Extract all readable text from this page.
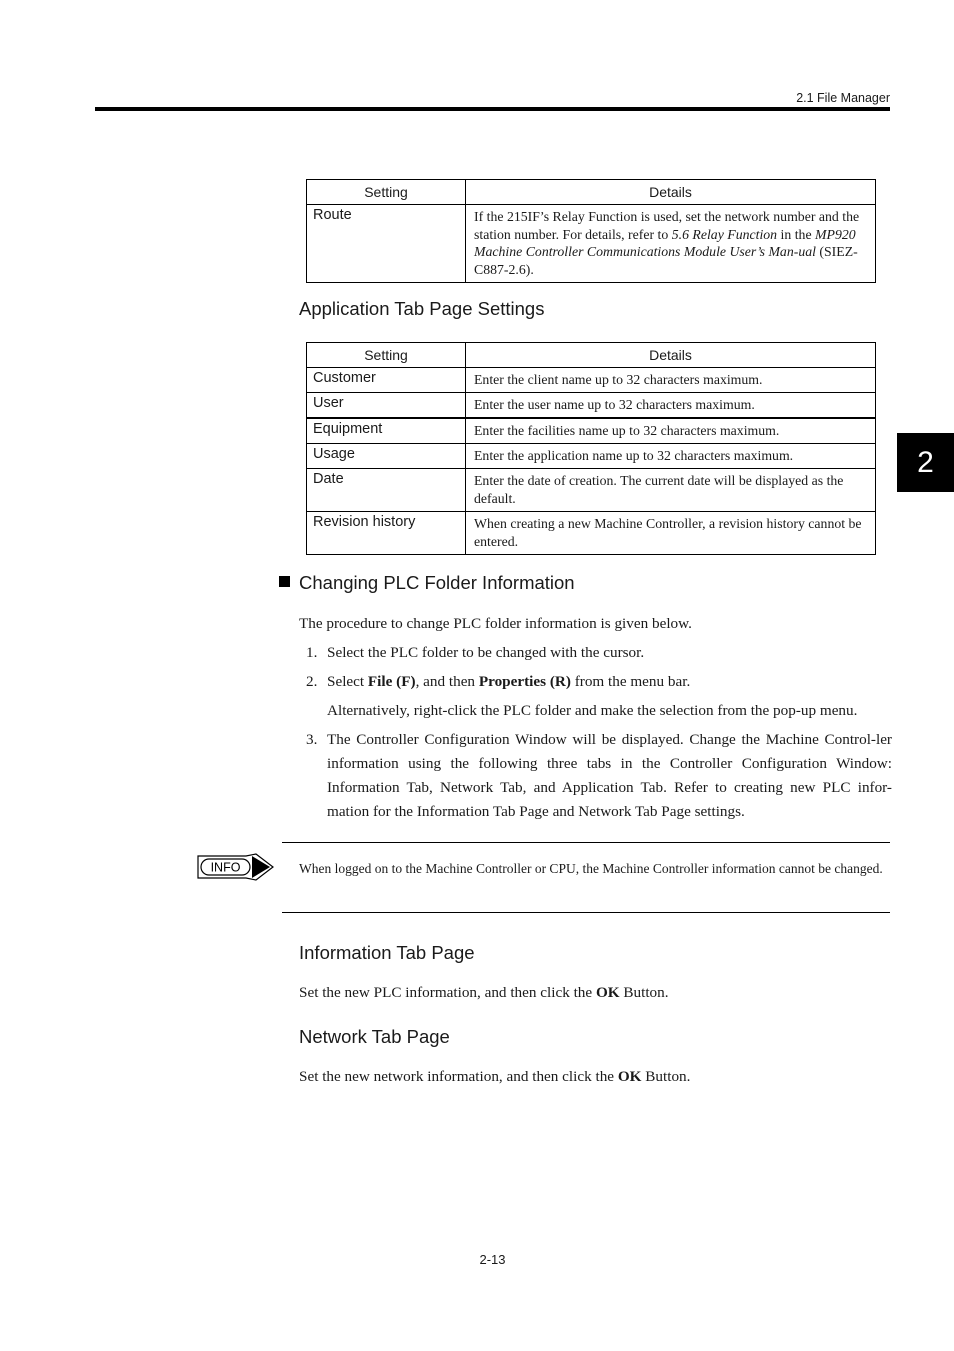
2.1 File Manager
2
Setting	Details
Route	If the 215IF’s Relay Function is used, set the network number and the station number. For details, refer to 5.6 Relay Function in the MP920 Machine Controller Communications Module User’s Man-ual (SIEZ-C887-2.6).
Application Tab Page Settings
Setting	Details
Customer	Enter the client name up to 32 characters maximum.
User	Enter the user name up to 32 characters maximum.
Equipment	Enter the facilities name up to 32 characters maximum.
Usage	Enter the application name up to 32 characters maximum.
Date	Enter the date of creation. The current date will be displayed as the default.
Revision history	When creating a new Machine Controller, a revision history cannot be entered.
Changing PLC Folder Information
The procedure to change PLC folder information is given below.
1. Select the PLC folder to be changed with the cursor.
2. Select File (F), and then Properties (R) from the menu bar.
Alternatively, right-click the PLC folder and make the selection from the pop-up menu.
3. The Controller Configuration Window will be displayed. Change the Machine Control-ler information using the following three tabs in the Controller Configuration Window: Information Tab, Network Tab, and Application Tab. Refer to creating new PLC infor-mation for the Information Tab Page and Network Tab Page settings.
INFO	When logged on to the Machine Controller or CPU, the Machine Controller information cannot be changed.
Information Tab Page
Set the new PLC information, and then click the OK Button.
Network Tab Page
Set the new network information, and then click the OK Button.
2-13
